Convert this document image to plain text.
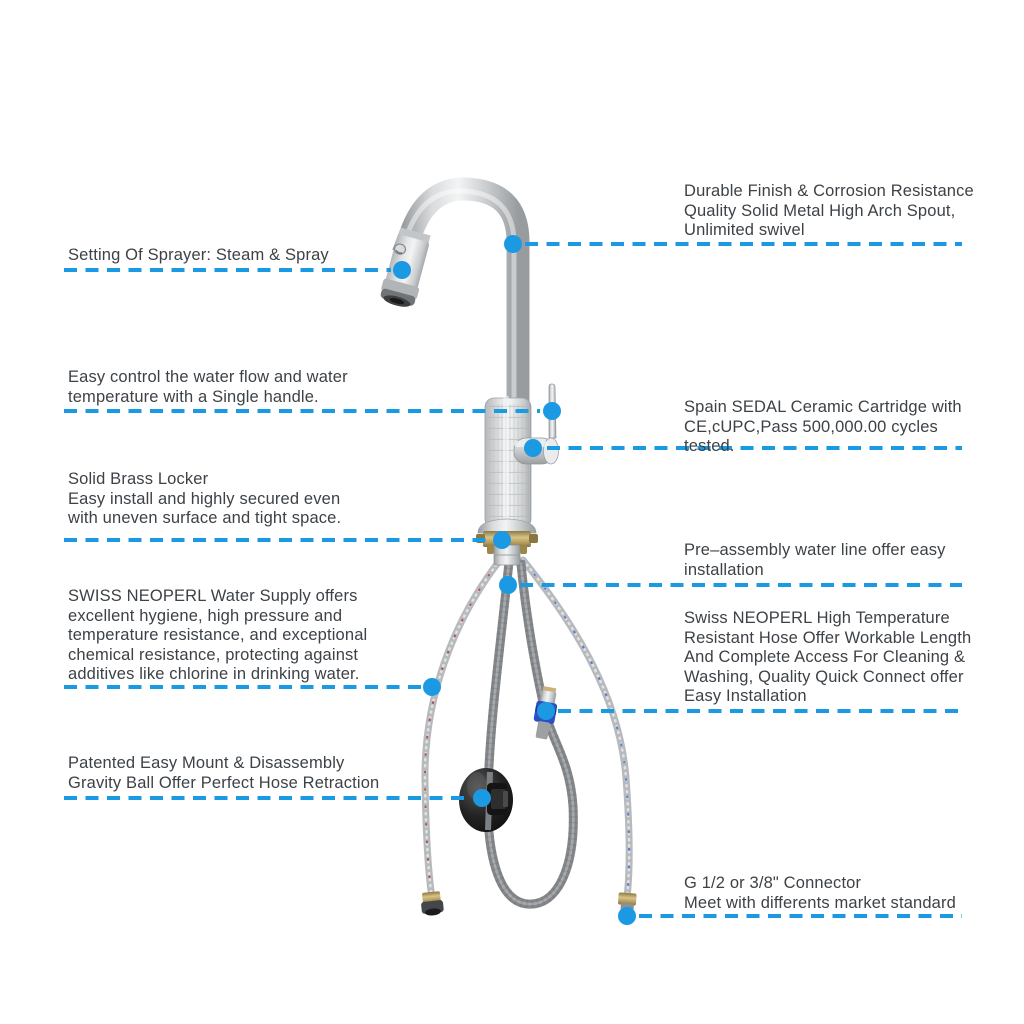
Setting Of Sprayer: Steam & Spray
Easy control the water flow and water
temperature with a Single handle.
Solid Brass Locker
Easy install and highly secured even
with uneven surface and tight space.
SWISS NEOPERL Water Supply offers
excellent hygiene, high pressure and
temperature resistance, and exceptional
chemical resistance, protecting against
additives like chlorine in drinking water.
Patented Easy Mount & Disassembly
Gravity Ball Offer Perfect Hose Retraction
Durable Finish & Corrosion Resistance
Quality Solid Metal High Arch Spout,
Unlimited swivel
Spain SEDAL Ceramic Cartridge with
CE,cUPC,Pass 500,000.00 cycles tested.
Pre–assembly water line offer easy
installation
Swiss NEOPERL High Temperature
Resistant Hose Offer Workable Length
And Complete Access For Cleaning &
Washing, Quality Quick Connect offer
Easy Installation
G 1/2 or 3/8" Connector
Meet with differents market standard
